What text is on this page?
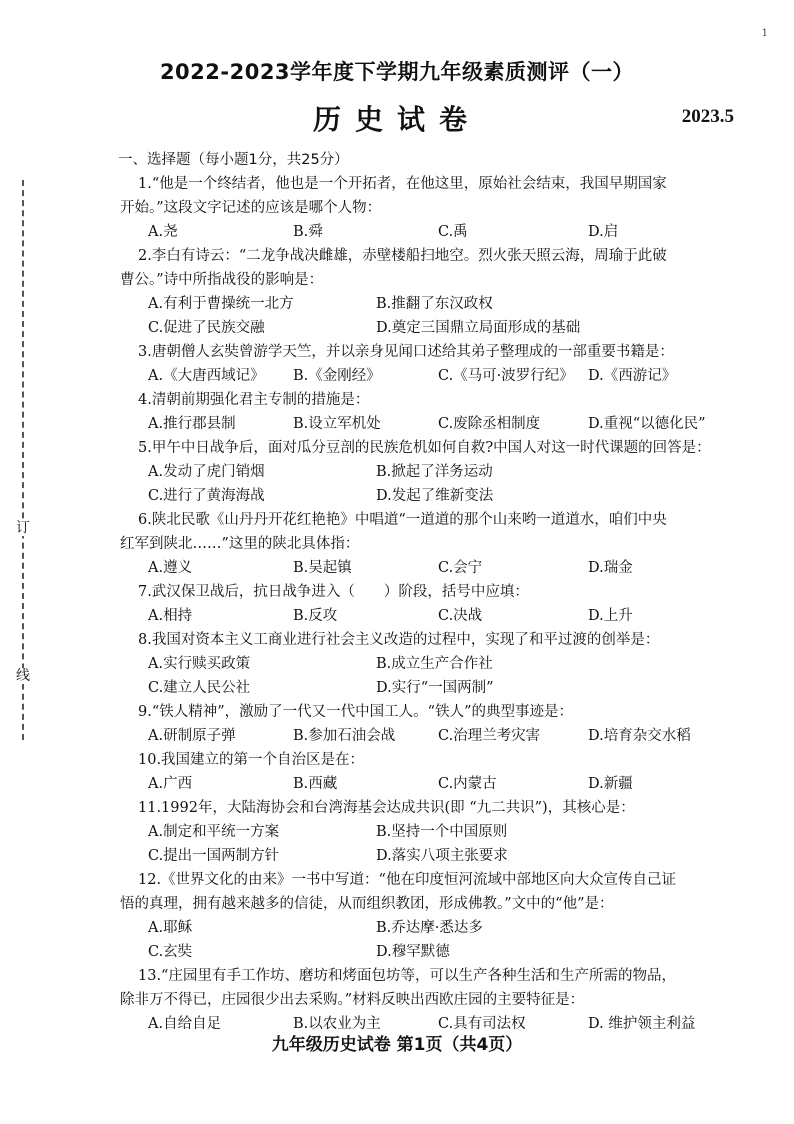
1
订
线
2022-2023学年度下学期九年级素质测评（一）
历史试卷	2023.5
一、选择题（每小题1分，共25分）
1.“他是一个终结者，他也是一个开拓者，在他这里，原始社会结束，我国早期国家
开始。”这段文字记述的应该是哪个人物：
A.尧	B.舜	C.禹	D.启
2.李白有诗云：“二龙争战决雌雄，赤壁楼船扫地空。烈火张天照云海，周瑜于此破
曹公。”诗中所指战役的影响是：
A.有利于曹操统一北方	B.推翻了东汉政权
C.促进了民族交融	D.奠定三国鼎立局面形成的基础
3.唐朝僧人玄奘曾游学天竺，并以亲身见闻口述给其弟子整理成的一部重要书籍是：
A.《大唐西域记》	B.《金刚经》	C.《马可·波罗行纪》 D.《西游记》
4.清朝前期强化君主专制的措施是：
A.推行郡县制	B.设立军机处	C.废除丞相制度	D.重视“以德化民”
5.甲午中日战争后，面对瓜分豆剖的民族危机如何自救?中国人对这一时代课题的回答是：
A.发动了虎门销烟	B.掀起了洋务运动
C.进行了黄海海战	D.发起了维新变法
6.陕北民歌《山丹丹开花红艳艳》中唱道“一道道的那个山来哟一道道水，咱们中央
红军到陕北……”这里的陕北具体指：
A.遵义	B.吴起镇	C.会宁	D.瑞金
7.武汉保卫战后，抗日战争进入（　　）阶段，括号中应填：
A.相持	B.反攻	C.决战	D.上升
8.我国对资本主义工商业进行社会主义改造的过程中，实现了和平过渡的创举是：
A.实行赎买政策	B.成立生产合作社
C.建立人民公社	D.实行“一国两制”
9.“铁人精神”，激励了一代又一代中国工人。“铁人”的典型事迹是：
A.研制原子弹	B.参加石油会战	C.治理兰考灾害	D.培育杂交水稻
10.我国建立的第一个自治区是在：
A.广西	B.西藏	C.内蒙古	D.新疆
11.1992年，大陆海协会和台湾海基会达成共识(即 “九二共识”)，其核心是：
A.制定和平统一方案	B.坚持一个中国原则
C.提出一国两制方针	D.落实八项主张要求
12.《世界文化的由来》一书中写道：“他在印度恒河流域中部地区向大众宣传自己证
悟的真理，拥有越来越多的信徒，从而组织教团，形成佛教。”文中的“他”是：
A.耶稣	B.乔达摩·悉达多
C.玄奘	D.穆罕默德
13.“庄园里有手工作坊、磨坊和烤面包坊等，可以生产各种生活和生产所需的物品，
除非万不得已，庄园很少出去采购。”材料反映出西欧庄园的主要特征是：
A.自给自足	B.以农业为主	C.具有司法权	D. 维护领主利益
九年级历史试卷 第1页（共4页）
